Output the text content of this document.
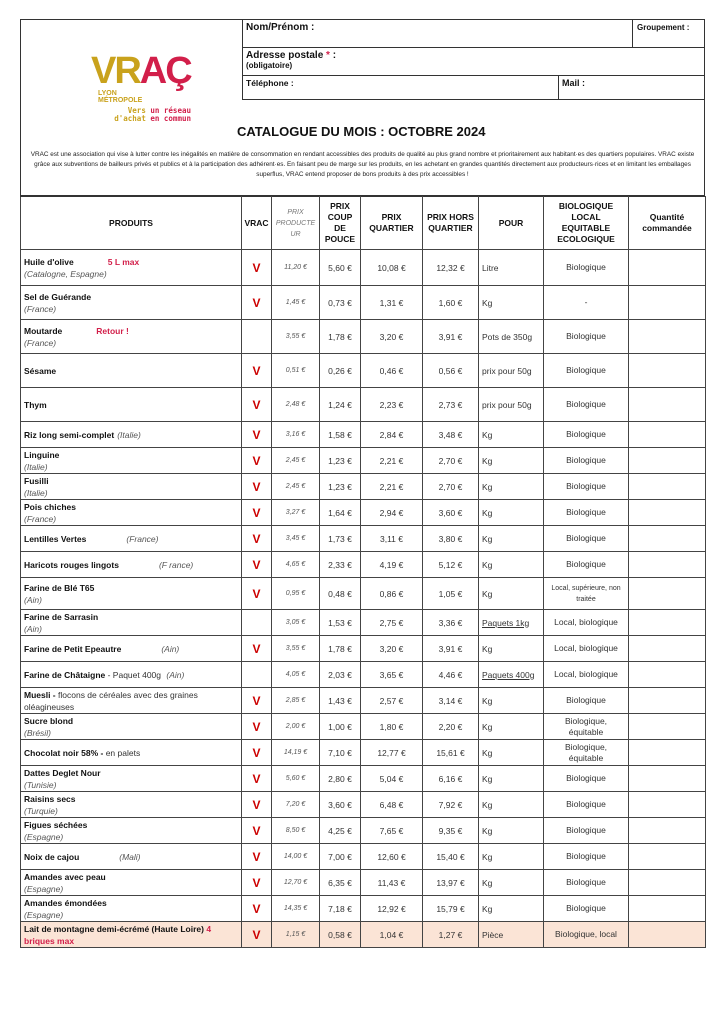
VRAÇ
LYON
MÉTROPOLE
Vers un réseau
d'achat en commun
Nom/Prénom :	Groupement :
Adresse postale * :
(obligatoire)
Téléphone :	Mail :
CATALOGUE DU MOIS : OCTOBRE 2024
VRAC est une association qui vise à lutter contre les inégalités en matière de consommation en rendant accessibles des produits de qualité au plus grand nombre et prioritairement aux habitant·es des quartiers populaires. VRAC existe grâce aux subventions de bailleurs privés et publics et à la participation des adhérent·es. En faisant peu de marge sur les produits, en les achetant en grandes quantités directement aux producteurs·rices et en limitant les emballages superflus, VRAC entend proposer de bons produits à des prix accessibles !
PRODUITS	VRAC	PRIX PRODUCTE UR	PRIX COUP DE POUCE	PRIX QUARTIER	PRIX HORS QUARTIER	POUR	BIOLOGIQUE LOCAL EQUITABLE ECOLOGIQUE	Quantité commandée

Huile d'olive 5 L max
(Catalogne, Espagne)	V	11,20 €	5,60 €	10,08 €	12,32 €	Litre	Biologique	

Sel de Guérande
(France)	V	1,45 €	0,73 €	1,31 €	1,60 €	Kg	-	

Moutarde Retour !
(France)		3,55 €	1,78 €	3,20 €	3,91 €	Pots de 350g	Biologique	

Sésame	V	0,51 €	0,26 €	0,46 €	0,56 €	prix pour 50g	Biologique	

Thym	V	2,48 €	1,24 €	2,23 €	2,73 €	prix pour 50g	Biologique	

Riz long semi-complet (Italie)	V	3,16 €	1,58 €	2,84 €	3,48 €	Kg	Biologique	

Linguine
(Italie)	V	2,45 €	1,23 €	2,21 €	2,70 €	Kg	Biologique	

Fusilli
(Italie)	V	2,45 €	1,23 €	2,21 €	2,70 €	Kg	Biologique	

Pois chiches
(France)	V	3,27 €	1,64 €	2,94 €	3,60 €	Kg	Biologique	

Lentilles Vertes (France)	V	3,45 €	1,73 €	3,11 €	3,80 €	Kg	Biologique	

Haricots rouges lingots (F rance)	V	4,65 €	2,33 €	4,19 €	5,12 €	Kg	Biologique	

Farine de Blé T65
(Ain)	V	0,95 €	0,48 €	0,86 €	1,05 €	Kg	Local, supérieure, non traitée	

Farine de Sarrasin
(Ain)		3,05 €	1,53 €	2,75 €	3,36 €	Paquets 1kg	Local, biologique	

Farine de Petit Epeautre (Ain)	V	3,55 €	1,78 €	3,20 €	3,91 €	Kg	Local, biologique	

Farine de Châtaigne - Paquet 400g (Ain)		4,05 €	2,03 €	3,65 €	4,46 €	Paquets 400g	Local, biologique	

Muesli - flocons de céréales avec des graines oléagineuses	V	2,85 €	1,43 €	2,57 €	3,14 €	Kg	Biologique	

Sucre blond
(Brésil)	V	2,00 €	1,00 €	1,80 €	2,20 €	Kg	Biologique, équitable	

Chocolat noir 58% - en palets	V	14,19 €	7,10 €	12,77 €	15,61 €	Kg	Biologique, équitable	

Dattes Deglet Nour
(Tunisie)	V	5,60 €	2,80 €	5,04 €	6,16 €	Kg	Biologique	

Raisins secs
(Turquie)	V	7,20 €	3,60 €	6,48 €	7,92 €	Kg	Biologique	

Figues séchées
(Espagne)	V	8,50 €	4,25 €	7,65 €	9,35 €	Kg	Biologique	

Noix de cajou (Mali)	V	14,00 €	7,00 €	12,60 €	15,40 €	Kg	Biologique	

Amandes avec peau
(Espagne)	V	12,70 €	6,35 €	11,43 €	13,97 €	Kg	Biologique	

Amandes émondées
(Espagne)	V	14,35 €	7,18 €	12,92 €	15,79 €	Kg	Biologique	

Lait de montagne demi-écrémé (Haute Loire) 4 briques max	V	1,15 €	0,58 €	1,04 €	1,27 €	Pièce	Biologique, local	
